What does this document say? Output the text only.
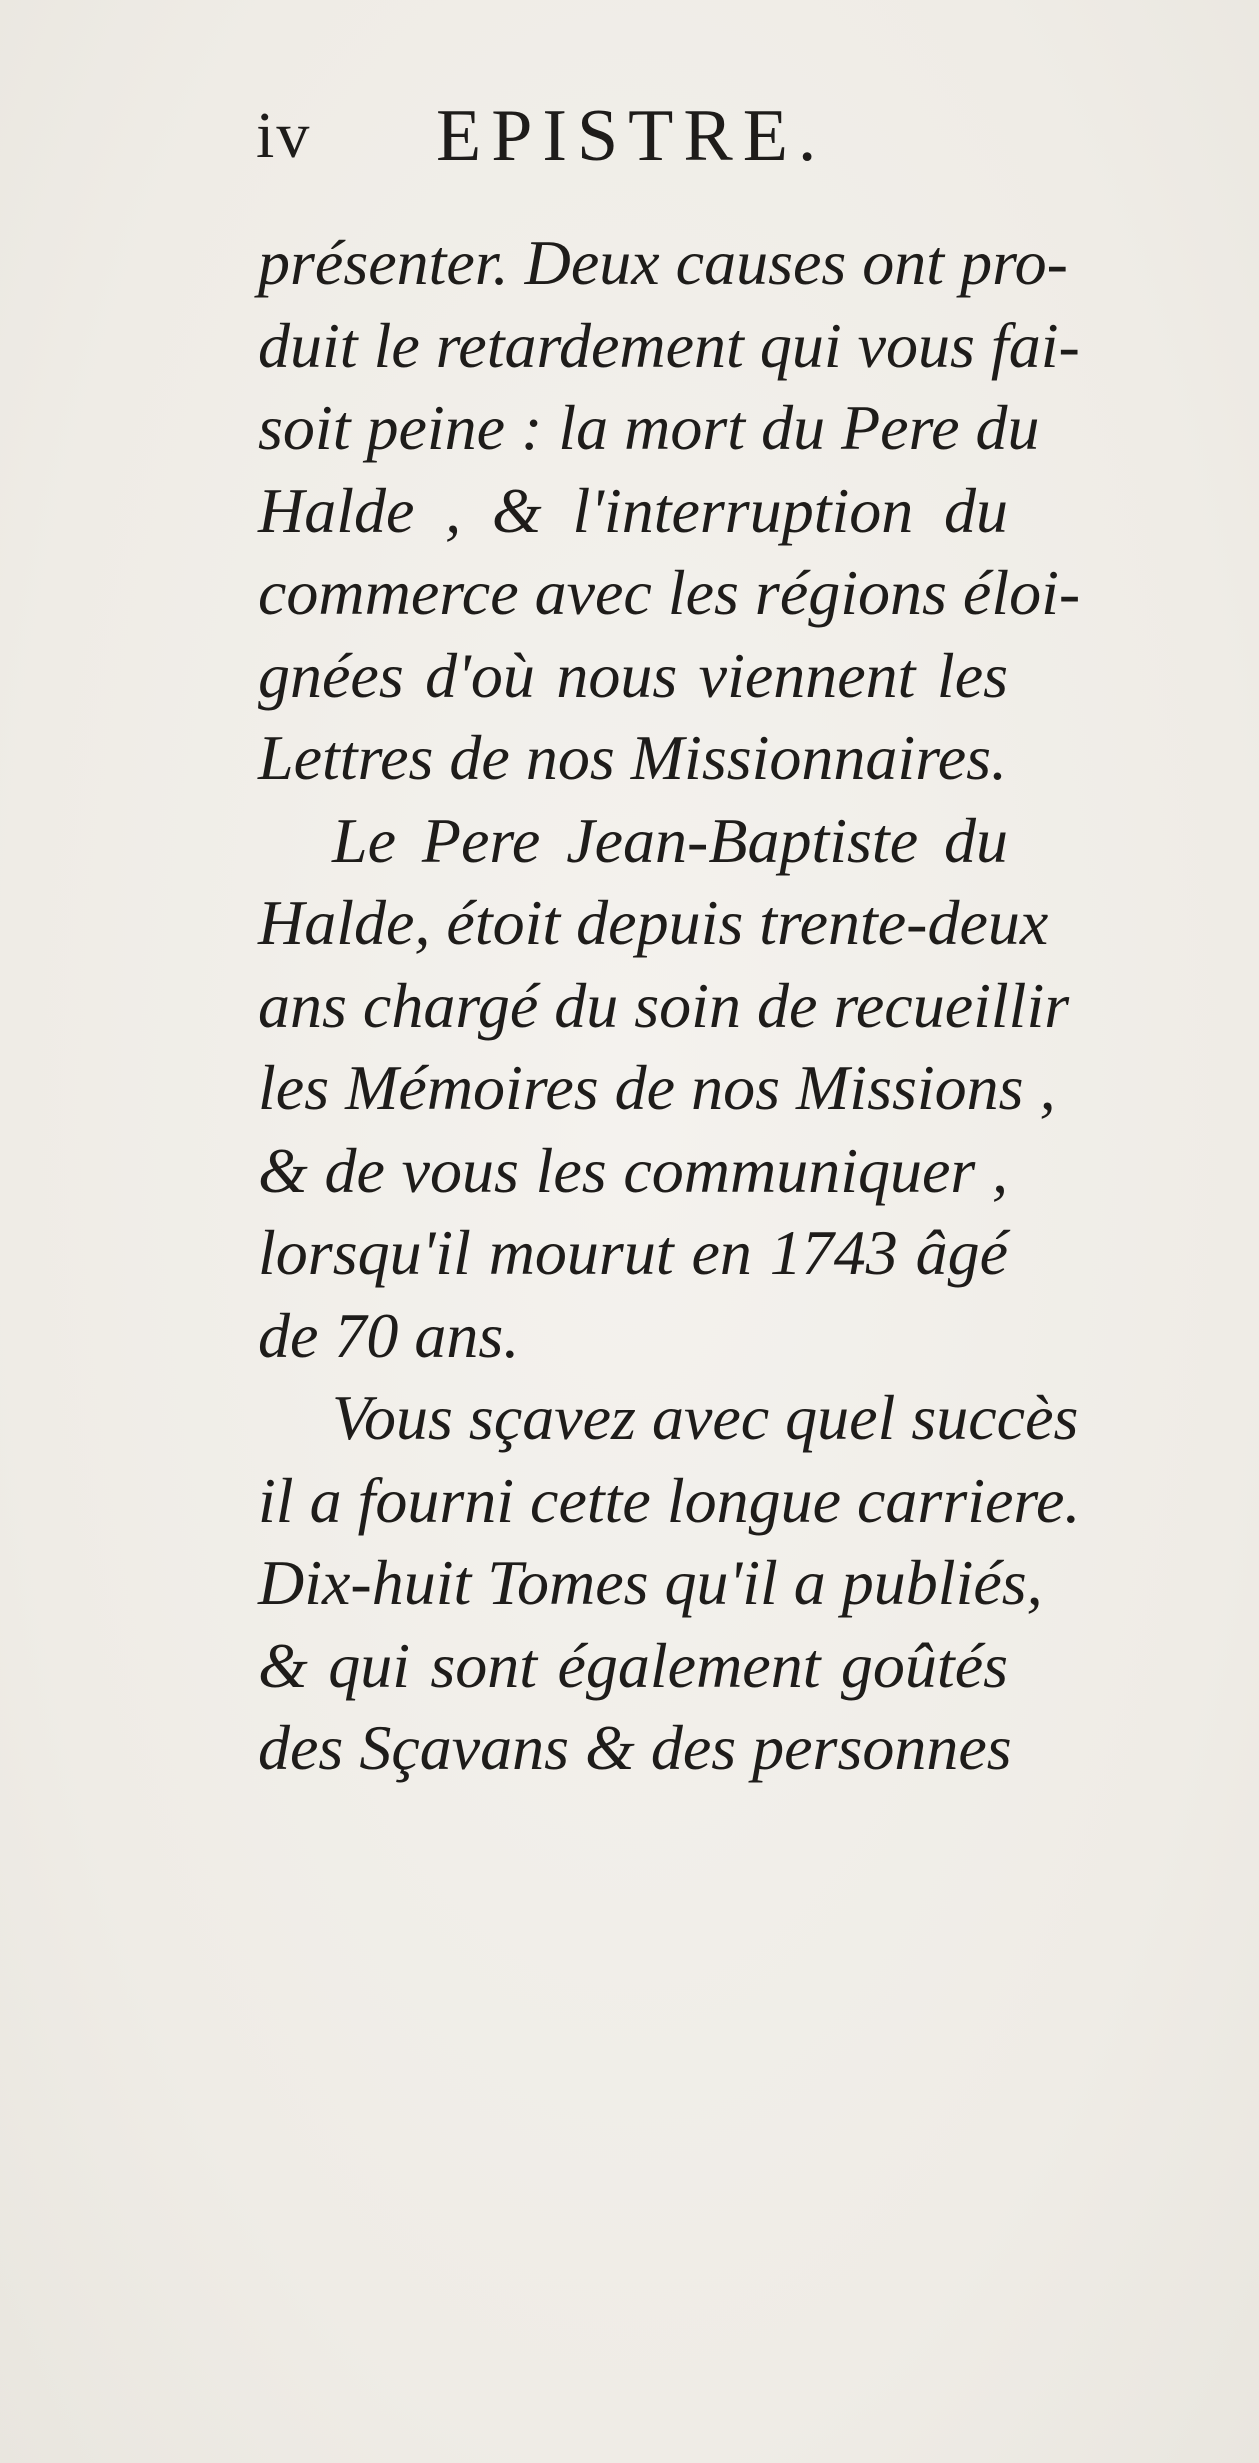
iv EPISTRE.
présenter. Deux causes ont pro-
duit le retardement qui vous fai-
soit peine : la mort du Pere du
Halde , & l'interruption du
commerce avec les régions éloi-
gnées d'où nous viennent les
Lettres de nos Missionnaires.
Le Pere Jean-Baptiste du
Halde, étoit depuis trente-deux
ans chargé du soin de recueillir
les Mémoires de nos Missions ,
& de vous les communiquer ,
lorsqu'il mourut en 1743 âgé
de 70 ans.
Vous sçavez avec quel succès
il a fourni cette longue carriere.
Dix-huit Tomes qu'il a publiés,
& qui sont également goûtés
des Sçavans & des personnes
